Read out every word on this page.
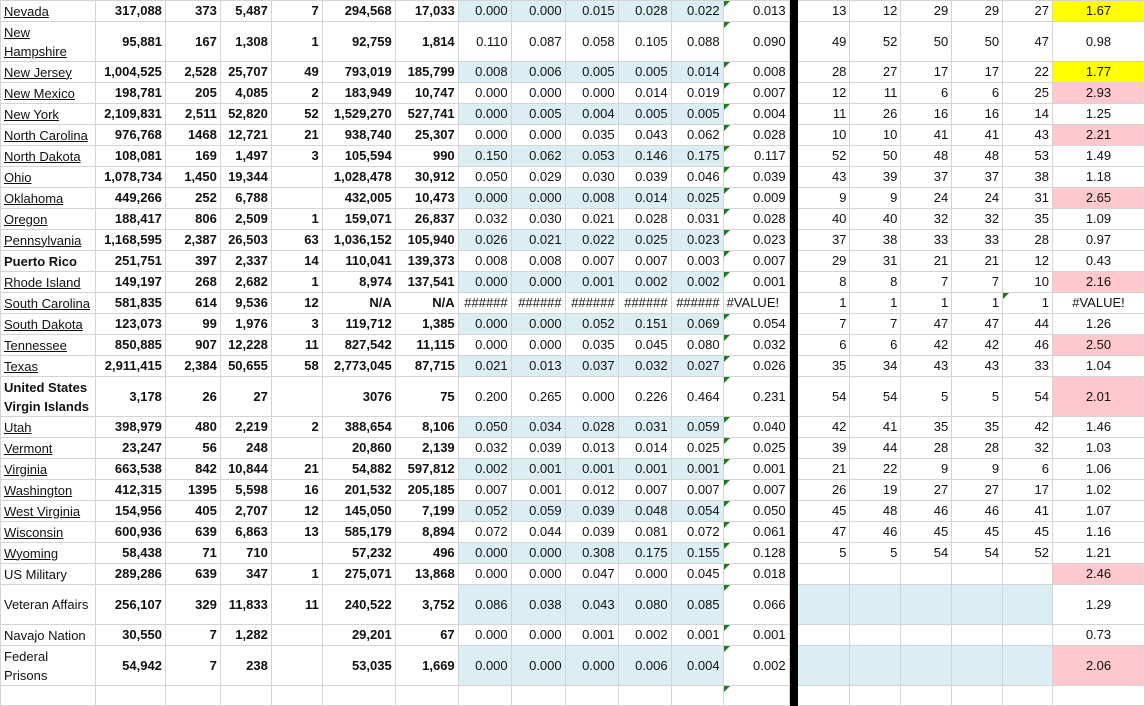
Nevada	317,088	373	5,487	7	294,568	17,033	0.000	0.000	0.015	0.028	0.022	0.013		13	12	29	29	27	1.67
New Hampshire	95,881	167	1,308	1	92,759	1,814	0.110	0.087	0.058	0.105	0.088	0.090		49	52	50	50	47	0.98
New Jersey	1,004,525	2,528	25,707	49	793,019	185,799	0.008	0.006	0.005	0.005	0.014	0.008		28	27	17	17	22	1.77
New Mexico	198,781	205	4,085	2	183,949	10,747	0.000	0.000	0.000	0.014	0.019	0.007		12	11	6	6	25	2.93
New York	2,109,831	2,511	52,820	52	1,529,270	527,741	0.000	0.005	0.004	0.005	0.005	0.004		11	26	16	16	14	1.25
North Carolina	976,768	1468	12,721	21	938,740	25,307	0.000	0.000	0.035	0.043	0.062	0.028		10	10	41	41	43	2.21
North Dakota	108,081	169	1,497	3	105,594	990	0.150	0.062	0.053	0.146	0.175	0.117		52	50	48	48	53	1.49
Ohio	1,078,734	1,450	19,344		1,028,478	30,912	0.050	0.029	0.030	0.039	0.046	0.039		43	39	37	37	38	1.18
Oklahoma	449,266	252	6,788		432,005	10,473	0.000	0.000	0.008	0.014	0.025	0.009		9	9	24	24	31	2.65
Oregon	188,417	806	2,509	1	159,071	26,837	0.032	0.030	0.021	0.028	0.031	0.028		40	40	32	32	35	1.09
Pennsylvania	1,168,595	2,387	26,503	63	1,036,152	105,940	0.026	0.021	0.022	0.025	0.023	0.023		37	38	33	33	28	0.97
Puerto Rico	251,751	397	2,337	14	110,041	139,373	0.008	0.008	0.007	0.007	0.003	0.007		29	31	21	21	12	0.43
Rhode Island	149,197	268	2,682	1	8,974	137,541	0.000	0.000	0.001	0.002	0.002	0.001		8	8	7	7	10	2.16
South Carolina	581,835	614	9,536	12	N/A	N/A	######	######	######	######	######	#VALUE!		1	1	1	1	1	#VALUE!
South Dakota	123,073	99	1,976	3	119,712	1,385	0.000	0.000	0.052	0.151	0.069	0.054		7	7	47	47	44	1.26
Tennessee	850,885	907	12,228	11	827,542	11,115	0.000	0.000	0.035	0.045	0.080	0.032		6	6	42	42	46	2.50
Texas	2,911,415	2,384	50,655	58	2,773,045	87,715	0.021	0.013	0.037	0.032	0.027	0.026		35	34	43	43	33	1.04
United States Virgin Islands	3,178	26	27		3076	75	0.200	0.265	0.000	0.226	0.464	0.231		54	54	5	5	54	2.01
Utah	398,979	480	2,219	2	388,654	8,106	0.050	0.034	0.028	0.031	0.059	0.040		42	41	35	35	42	1.46
Vermont	23,247	56	248		20,860	2,139	0.032	0.039	0.013	0.014	0.025	0.025		39	44	28	28	32	1.03
Virginia	663,538	842	10,844	21	54,882	597,812	0.002	0.001	0.001	0.001	0.001	0.001		21	22	9	9	6	1.06
Washington	412,315	1395	5,598	16	201,532	205,185	0.007	0.001	0.012	0.007	0.007	0.007		26	19	27	27	17	1.02
West Virginia	154,956	405	2,707	12	145,050	7,199	0.052	0.059	0.039	0.048	0.054	0.050		45	48	46	46	41	1.07
Wisconsin	600,936	639	6,863	13	585,179	8,894	0.072	0.044	0.039	0.081	0.072	0.061		47	46	45	45	45	1.16
Wyoming	58,438	71	710		57,232	496	0.000	0.000	0.308	0.175	0.155	0.128		5	5	54	54	52	1.21
US Military	289,286	639	347	1	275,071	13,868	0.000	0.000	0.047	0.000	0.045	0.018							2.46
Veteran Affairs	256,107	329	11,833	11	240,522	3,752	0.086	0.038	0.043	0.080	0.085	0.066							1.29
Navajo Nation	30,550	7	1,282		29,201	67	0.000	0.000	0.001	0.002	0.001	0.001							0.73
Federal Prisons	54,942	7	238		53,035	1,669	0.000	0.000	0.000	0.006	0.004	0.002							2.06
